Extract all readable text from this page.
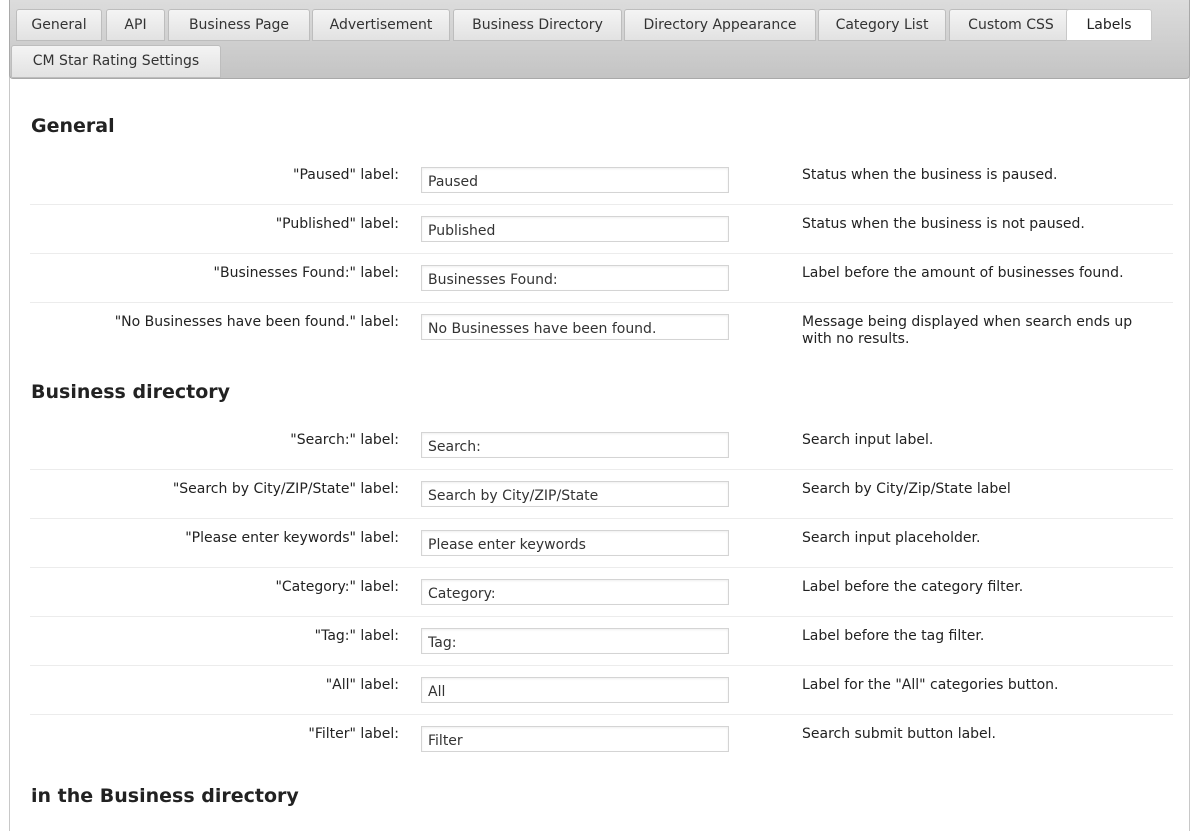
General	API	Business Page	Advertisement	Business Directory	Directory Appearance	Category List	Custom CSS	Labels
CM Star Rating Settings
General
"Paused" label:
Paused	Status when the business is paused.
"Published" label:
Published	Status when the business is not paused.
"Businesses Found:" label:
Businesses Found:	Label before the amount of businesses found.
"No Businesses have been found." label:
No Businesses have been found.	Message being displayed when search ends up with no results.
Business directory
"Search:" label:
Search:	Search input label.
"Search by City/ZIP/State" label:
Search by City/ZIP/State	Search by City/Zip/State label
"Please enter keywords" label:
Please enter keywords	Search input placeholder.
"Category:" label:
Category:	Label before the category filter.
"Tag:" label:
Tag:	Label before the tag filter.
"All" label:
All	Label for the "All" categories button.
"Filter" label:
Filter	Search submit button label.
in the Business directory
